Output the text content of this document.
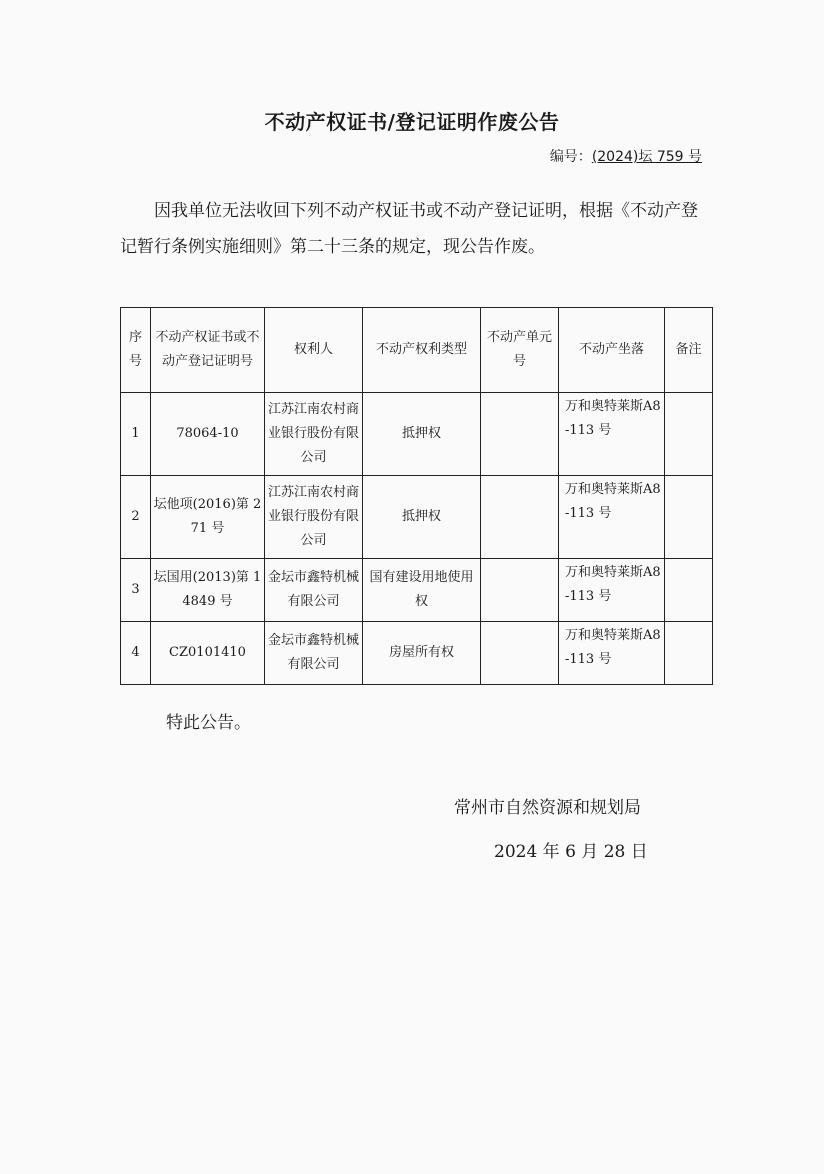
不动产权证书/登记证明作废公告
编号：(2024)坛 759 号
因我单位无法收回下列不动产权证书或不动产登记证明，根据《不动产登记暂行条例实施细则》第二十三条的规定，现公告作废。
序号	不动产权证书或不动产登记证明号	权利人	不动产权利类型	不动产单元号	不动产坐落	备注
1	78064-10	江苏江南农村商业银行股份有限公司	抵押权		万和奥特莱斯A8-113 号	
2	坛他项(2016)第 271 号	江苏江南农村商业银行股份有限公司	抵押权		万和奥特莱斯A8-113 号	
3	坛国用(2013)第 14849 号	金坛市鑫特机械有限公司	国有建设用地使用权		万和奥特莱斯A8-113 号	
4	CZ0101410	金坛市鑫特机械有限公司	房屋所有权		万和奥特莱斯A8-113 号	
特此公告。
常州市自然资源和规划局
2024 年 6 月 28 日
